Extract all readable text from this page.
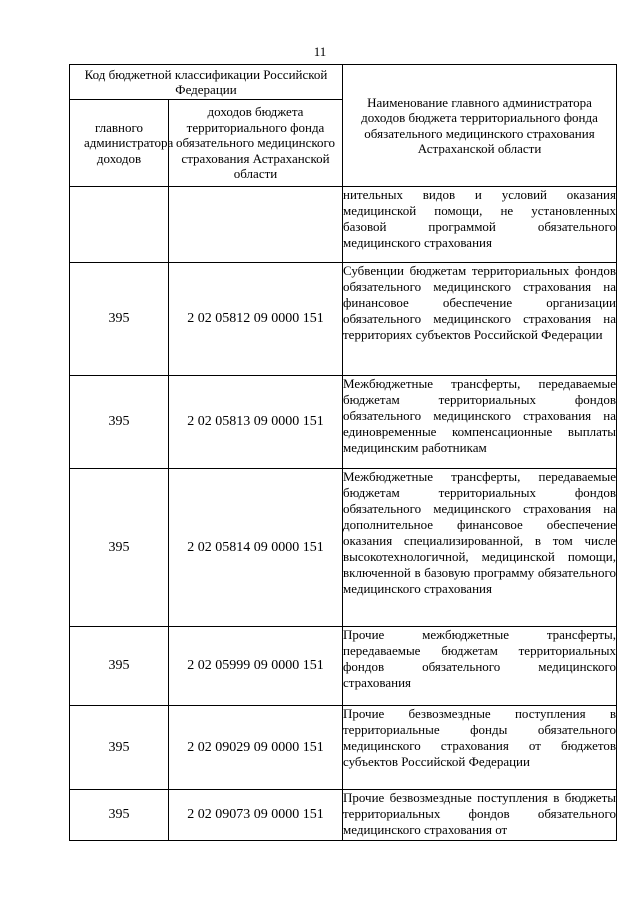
11
Код бюджетной классификации Российской Федерации		Наименование главного администратора доходов бюджета территориального фонда обязательного медицинского страхования Астраханской области
главного администратора доходов	доходов бюджета территориального фонда обязательного медицинского страхования Астраханской области	
		нительных видов и условий оказания медицинской помощи, не установленных базовой программой обязательного медицинского страхования
395	2 02 05812 09 0000 151	Субвенции бюджетам территориальных фондов обязательного медицинского страхования на финансовое обеспечение организации обязательного медицинского страхования на территориях субъектов Российской Федерации
395	2 02 05813 09 0000 151	Межбюджетные трансферты, передаваемые бюджетам территориальных фондов обязательного медицинского страхования на единовременные компенсационные выплаты медицинским работникам
395	2 02 05814 09 0000 151	Межбюджетные трансферты, передаваемые бюджетам территориальных фондов обязательного медицинского страхования на дополнительное финансовое обеспечение оказания специализированной, в том числе высокотехнологичной, медицинской помощи, включенной в базовую программу обязательного медицинского страхования
395	2 02 05999 09 0000 151	Прочие межбюджетные трансферты, передаваемые бюджетам территориальных фондов обязательного медицинского страхования
395	2 02 09029 09 0000 151	Прочие безвозмездные поступления в территориальные фонды обязательного медицинского страхования от бюджетов субъектов Российской Федерации
395	2 02 09073 09 0000 151	Прочие безвозмездные поступления в бюджеты территориальных фондов обязательного медицинского страхования от
